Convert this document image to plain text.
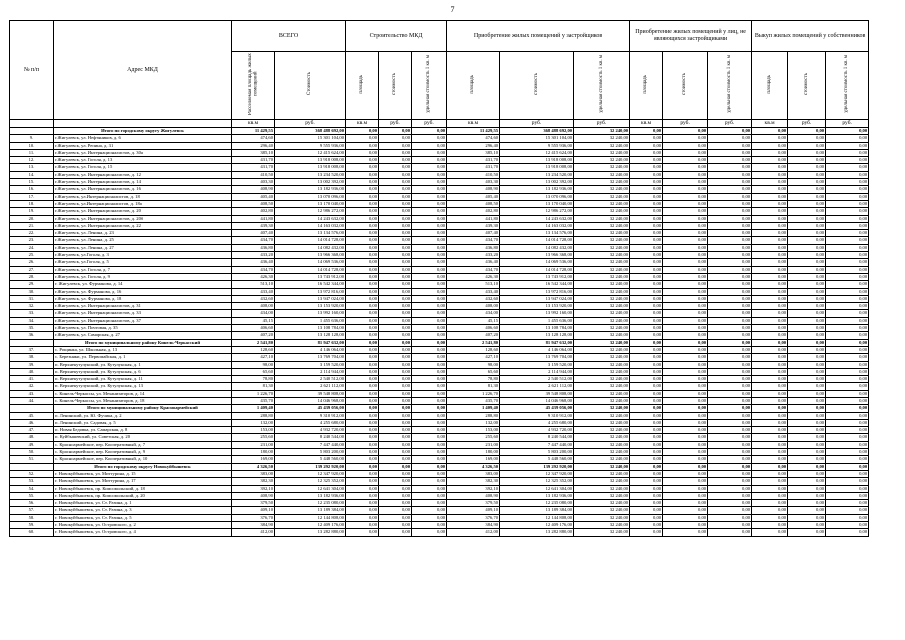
7
№ п/п	Адрес МКД	ВСЕГО		Строительство МКД			Приобретение жилых помещений у застройщиков			Приобретение жилых помещений у лиц, не являющихся застройщиками			Выкуп жилых помещений у собственников		
		Расселяемая площадь жилых помещений	Стоимость	площадь	стоимость	удельная стоимость 1 кв. м	площадь	стоимость	удельная стоимость 1 кв. м	площадь	стоимость	удельная стоимость 1 кв. м	площадь	стоимость	удельная стоимость 1 кв. м
		кв.м	руб.	кв.м	руб.	руб.	кв.м	руб.	руб.	кв.м	руб.	руб.	кв.м	руб.	руб.
	Итого по городскому округу Жигулевск	11 429,55	368 488 692,00	0,00	0,00	0,00	11 429,55	368 488 692,00	32 240,00	0,00	0,00	0,00	0,00	0,00	0,00
9.	г.Жигулевск, ул. Нефтяников, д. 6	474,60	15 301 104,00	0,00	0,00	0,00	474,60	15 301 104,00	32 240,00	0,00	0,00	0,00	0,00	0,00	0,00
10.	г.Жигулевск, ул. Репина, д. 31	296,40	9 555 936,00	0,00	0,00	0,00	296,40	9 555 936,00	32 240,00	0,00	0,00	0,00	0,00	0,00	0,00
11.	г.Жигулевск, ул. Интернационалистов, д. 30а	385,10	12 415 624,00	0,00	0,00	0,00	385,10	12 415 624,00	32 240,00	0,00	0,00	0,00	0,00	0,00	0,00
12.	г.Жигулевск, ул. Гоголя, д. 13	431,70	13 918 008,00	0,00	0,00	0,00	431,70	13 918 008,00	32 240,00	0,00	0,00	0,00	0,00	0,00	0,00
13.	г.Жигулевск, ул. Гоголя, д. 15	431,70	13 918 008,00	0,00	0,00	0,00	431,70	13 918 008,00	32 240,00	0,00	0,00	0,00	0,00	0,00	0,00
14.	г.Жигулевск, ул. Интернационалистов, д. 12	410,50	13 234 520,00	0,00	0,00	0,00	410,50	13 234 520,00	32 240,00	0,00	0,00	0,00	0,00	0,00	0,00
15.	г.Жигулевск, ул. Интернационалистов, д. 14	403,30	13 002 392,00	0,00	0,00	0,00	403,30	13 002 392,00	32 240,00	0,00	0,00	0,00	0,00	0,00	0,00
16.	г.Жигулевск, ул. Интернационалистов, д. 16	408,90	13 182 936,00	0,00	0,00	0,00	408,90	13 182 936,00	32 240,00	0,00	0,00	0,00	0,00	0,00	0,00
17.	г.Жигулевск, ул.Интернационалистов, д. 18	405,40	13 070 096,00	0,00	0,00	0,00	405,40	13 070 096,00	32 240,00	0,00	0,00	0,00	0,00	0,00	0,00
18.	г.Жигулевск, ул.Интернационалистов, д. 18а	408,50	13 170 040,00	0,00	0,00	0,00	408,50	13 170 040,00	32 240,00	0,00	0,00	0,00	0,00	0,00	0,00
19.	г.Жигулевск, ул. Интернационалистов, д. 20	402,80	12 986 272,00	0,00	0,00	0,00	402,80	12 986 272,00	32 240,00	0,00	0,00	0,00	0,00	0,00	0,00
20.	г.Жигулевск, ул. Интернационалистов, д. 20б	441,80	14 243 632,00	0,00	0,00	0,00	441,80	14 243 632,00	32 240,00	0,00	0,00	0,00	0,00	0,00	0,00
21.	г.Жигулевск, ул. Интернационалистов, д. 22	439,30	14 163 032,00	0,00	0,00	0,00	439,30	14 163 032,00	32 240,00	0,00	0,00	0,00	0,00	0,00	0,00
22.	г.Жигулевск, ул. Ленина, д. 23	407,40	13 134 576,00	0,00	0,00	0,00	407,40	13 134 576,00	32 240,00	0,00	0,00	0,00	0,00	0,00	0,00
23.	г.Жигулевск, ул. Ленина, д. 25	434,70	14 014 728,00	0,00	0,00	0,00	434,70	14 014 728,00	32 240,00	0,00	0,00	0,00	0,00	0,00	0,00
24.	г.Жигулевск, ул. Ленина, д. 27	436,80	14 082 432,00	0,00	0,00	0,00	436,80	14 082 432,00	32 240,00	0,00	0,00	0,00	0,00	0,00	0,00
25.	г.Жигулевск, ул.Гоголя, д. 3	433,20	13 966 368,00	0,00	0,00	0,00	433,20	13 966 368,00	32 240,00	0,00	0,00	0,00	0,00	0,00	0,00
26.	г.Жигулевск, ул.Гоголя, д. 5	436,40	14 069 536,00	0,00	0,00	0,00	436,40	14 069 536,00	32 240,00	0,00	0,00	0,00	0,00	0,00	0,00
27.	г.Жигулевск, ул. Гоголя, д. 7	434,70	14 014 728,00	0,00	0,00	0,00	434,70	14 014 728,00	32 240,00	0,00	0,00	0,00	0,00	0,00	0,00
28.	г.Жигулевск, ул. Гоголя, д. 9	426,30	13 743 912,00	0,00	0,00	0,00	426,30	13 743 912,00	32 240,00	0,00	0,00	0,00	0,00	0,00	0,00
29.	г. Жигулевск, ул. Фурманова, д. 14	513,10	16 542 344,00	0,00	0,00	0,00	513,10	16 542 344,00	32 240,00	0,00	0,00	0,00	0,00	0,00	0,00
30.	г.Жигулевск, ул. Фурманова, д. 16	433,40	13 972 816,00	0,00	0,00	0,00	433,40	13 972 816,00	32 240,00	0,00	0,00	0,00	0,00	0,00	0,00
31.	г.Жигулевск, ул. Фурманова, д. 18	432,60	13 947 024,00	0,00	0,00	0,00	432,60	13 947 024,00	32 240,00	0,00	0,00	0,00	0,00	0,00	0,00
32.	г.Жигулевск, ул. Интернационалистов, д. 31	408,00	13 153 920,00	0,00	0,00	0,00	408,00	13 153 920,00	32 240,00	0,00	0,00	0,00	0,00	0,00	0,00
33.	г.Жигулевск, ул. Интернационалистов, д. 33	434,00	13 992 160,00	0,00	0,00	0,00	434,00	13 992 160,00	32 240,00	0,00	0,00	0,00	0,00	0,00	0,00
34.	г.Жигулевск, ул. Интернационалистов, д. 37	45,15	1 455 636,00	0,00	0,00	0,00	45,15	1 455 636,00	32 240,00	0,00	0,00	0,00	0,00	0,00	0,00
35.	г.Жигулевск, ул. Почтовая, д. 35	406,60	13 108 784,00	0,00	0,00	0,00	406,60	13 108 784,00	32 240,00	0,00	0,00	0,00	0,00	0,00	0,00
36.	г.Жигулевск, ул. Самарская, д. 27	407,20	13 128 128,00	0,00	0,00	0,00	407,20	13 128 128,00	32 240,00	0,00	0,00	0,00	0,00	0,00	0,00
	Итого по муниципальному району Кинель-Черкасский	2 541,80	81 947 632,00	0,00	0,00	0,00	2 541,80	81 947 632,00	32 240,00	0,00	0,00	0,00	0,00	0,00	0,00
37.	с. Рощинка, ул. Школьная, д. 13	128,60	4 146 064,00	0,00	0,00	0,00	128,60	4 146 064,00	32 240,00	0,00	0,00	0,00	0,00	0,00	0,00
38.	с. Березняки, ул. Первомайская, д. 1	427,10	13 769 704,00	0,00	0,00	0,00	427,10	13 769 704,00	32 240,00	0,00	0,00	0,00	0,00	0,00	0,00
39.	п. Верхнекутулукский, ул. Кутулукская, д. 1	98,00	3 159 520,00	0,00	0,00	0,00	98,00	3 159 520,00	32 240,00	0,00	0,00	0,00	0,00	0,00	0,00
40.	п. Верхнекутулукский, ул. Кутулукская, д. 6	65,60	2 114 944,00	0,00	0,00	0,00	65,60	2 114 944,00	32 240,00	0,00	0,00	0,00	0,00	0,00	0,00
41.	п. Верхнекутулукский, ул. Кутулукская, д. 11	78,80	2 540 512,00	0,00	0,00	0,00	78,80	2 540 512,00	32 240,00	0,00	0,00	0,00	0,00	0,00	0,00
42.	п. Верхнекутулукский, ул. Кутулукская, д. 13	81,30	2 621 112,00	0,00	0,00	0,00	81,30	2 621 112,00	32 240,00	0,00	0,00	0,00	0,00	0,00	0,00
43.	с. Кинель-Черкассы, ул. Механизаторов, д. 14	1 226,70	39 548 808,00	0,00	0,00	0,00	1 226,70	39 548 808,00	32 240,00	0,00	0,00	0,00	0,00	0,00	0,00
44.	с. Кинель-Черкассы, ул. Механизаторов, д. 18	435,70	14 046 968,00	0,00	0,00	0,00	435,70	14 046 968,00	32 240,00	0,00	0,00	0,00	0,00	0,00	0,00
	Итого по муниципальному району Красноармейский	1 409,40	45 439 056,00	0,00	0,00	0,00	1 409,40	45 439 056,00	32 240,00	0,00	0,00	0,00	0,00	0,00	0,00
45.	п. Ленинский, ул. Ю. Фучика, д. 2	288,80	9 310 912,00	0,00	0,00	0,00	288,80	9 310 912,00	32 240,00	0,00	0,00	0,00	0,00	0,00	0,00
46.	п. Ленинский, ул. Садовая, д. 5	132,00	4 255 680,00	0,00	0,00	0,00	132,00	4 255 680,00	32 240,00	0,00	0,00	0,00	0,00	0,00	0,00
47.	п. Новая Бедовка, ул. Самарская, д. 8	153,00	4 932 720,00	0,00	0,00	0,00	153,00	4 932 720,00	32 240,00	0,00	0,00	0,00	0,00	0,00	0,00
48.	п. Куйбышевский, ул. Советская, д. 20	255,60	8 240 544,00	0,00	0,00	0,00	255,60	8 240 544,00	32 240,00	0,00	0,00	0,00	0,00	0,00	0,00
49.	с. Красноармейское, пер. Кооперативный, д. 7	231,00	7 447 440,00	0,00	0,00	0,00	231,00	7 447 440,00	32 240,00	0,00	0,00	0,00	0,00	0,00	0,00
50.	с. Красноармейское, пер. Кооперативный, д. 9	180,00	5 803 200,00	0,00	0,00	0,00	180,00	5 803 200,00	32 240,00	0,00	0,00	0,00	0,00	0,00	0,00
51.	с. Красноармейское, пер. Кооперативный, д. 10	169,00	5 448 560,00	0,00	0,00	0,00	169,00	5 448 560,00	32 240,00	0,00	0,00	0,00	0,00	0,00	0,00
	Итого по городскому округу Новокуйбышевск	4 326,50	139 292 920,00	0,00	0,00	0,00	4 326,50	139 292 920,00	32 240,00	0,00	0,00	0,00	0,00	0,00	0,00
52.	г. Новокуйбышевск, ул. Миттурина, д. 15	383,00	12 347 920,00	0,00	0,00	0,00	383,00	12 347 920,00	32 240,00	0,00	0,00	0,00	0,00	0,00	0,00
53.	г. Новокуйбышевск, ул. Миттурина, д. 17	382,30	12 325 352,00	0,00	0,00	0,00	382,30	12 325 352,00	32 240,00	0,00	0,00	0,00	0,00	0,00	0,00
54.	г. Новокуйбышевск, пр. Комсомольский, д. 18	392,10	12 641 304,00	0,00	0,00	0,00	392,10	12 641 304,00	32 240,00	0,00	0,00	0,00	0,00	0,00	0,00
55.	г. Новокуйбышевск, пр. Комсомольский, д. 20	408,90	13 182 936,00	0,00	0,00	0,00	408,90	13 182 936,00	32 240,00	0,00	0,00	0,00	0,00	0,00	0,00
56.	г. Новокуйбышевск, ул. Ст. Разина, д. 1	379,50	12 235 080,00	0,00	0,00	0,00	379,50	12 235 080,00	32 240,00	0,00	0,00	0,00	0,00	0,00	0,00
57.	г. Новокуйбышевск, ул. Ст. Разина, д. 3	409,10	13 189 384,00	0,00	0,00	0,00	409,10	13 189 384,00	32 240,00	0,00	0,00	0,00	0,00	0,00	0,00
58.	г. Новокуйбышевск, ул. Ст. Разина, д. 5	376,70	12 144 808,00	0,00	0,00	0,00	376,70	12 144 808,00	32 240,00	0,00	0,00	0,00	0,00	0,00	0,00
59.	г. Новокуйбышевск, ул. Островского, д. 2	384,90	12 409 176,00	0,00	0,00	0,00	384,90	12 409 176,00	32 240,00	0,00	0,00	0,00	0,00	0,00	0,00
60.	г. Новокуйбышевск, ул. Островского, д. 4	412,00	13 282 880,00	0,00	0,00	0,00	412,00	13 282 880,00	32 240,00	0,00	0,00	0,00	0,00	0,00	0,00
